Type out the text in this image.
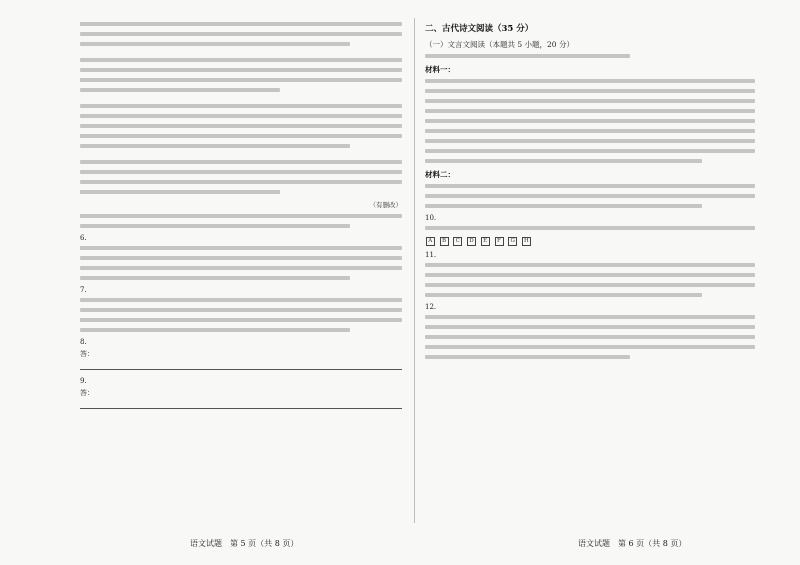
（有删改）
6.
7.
8.
答：
9.
答：
二、古代诗文阅读（35 分）
（一）文言文阅读（本题共 5 小题，20 分）
材料一：
材料二：
10.
A B C D E F G H
11.
12.
语文试题　第 5 页（共 8 页）	语文试题　第 6 页（共 8 页）
